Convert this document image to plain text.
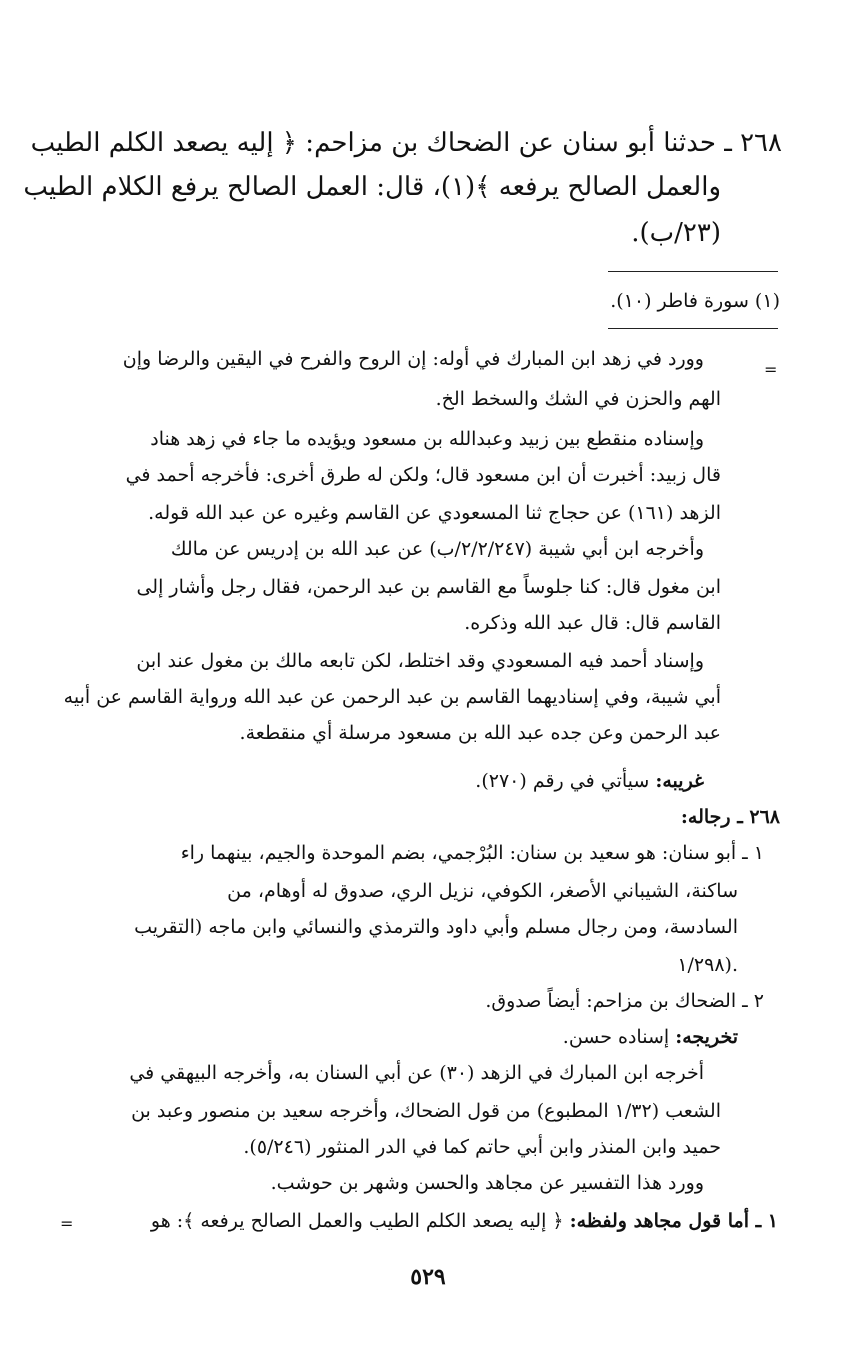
٢٦٨ ـ حدثنا أبو سنان عن الضحاك بن مزاحم: ﴿ إليه يصعد الكلم الطيب
والعمل الصالح يرفعه ﴾(١)، قال: العمل الصالح يرفع الكلام الطيب
(٢٣/ب).
(١) سورة فاطر (١٠).
=
وورد في زهد ابن المبارك في أوله: إن الروح والفرح في اليقين والرضا وإن
الهم والحزن في الشك والسخط الخ.
وإسناده منقطع بين زبيد وعبدالله بن مسعود ويؤيده ما جاء في زهد هناد
قال زبيد: أخبرت أن ابن مسعود قال؛ ولكن له طرق أخرى: فأخرجه أحمد في
الزهد (١٦١) عن حجاج ثنا المسعودي عن القاسم وغيره عن عبد الله قوله.
وأخرجه ابن أبي شيبة (٢/٢/٢٤٧/ب) عن عبد الله بن إدريس عن مالك
ابن مغول قال: كنا جلوساً مع القاسم بن عبد الرحمن، فقال رجل وأشار إلى
القاسم قال: قال عبد الله وذكره.
وإسناد أحمد فيه المسعودي وقد اختلط، لكن تابعه مالك بن مغول عند ابن
أبي شيبة، وفي إسناديهما القاسم بن عبد الرحمن عن عبد الله ورواية القاسم عن أبيه
عبد الرحمن وعن جده عبد الله بن مسعود مرسلة أي منقطعة.
غريبه: سيأتي في رقم (٢٧٠).
٢٦٨ ـ رجاله:
١ ـ أبو سنان: هو سعيد بن سنان: البُرْجمي، بضم الموحدة والجيم، بينهما راء
ساكنة، الشيباني الأصغر، الكوفي، نزيل الري، صدوق له أوهام، من
السادسة، ومن رجال مسلم وأبي داود والترمذي والنسائي وابن ماجه (التقريب
١/٢٩٨).
٢ ـ الضحاك بن مزاحم: أيضاً صدوق.
تخريجه: إسناده حسن.
أخرجه ابن المبارك في الزهد (٣٠) عن أبي السنان به، وأخرجه البيهقي في
الشعب (١/٣٢ المطبوع) من قول الضحاك، وأخرجه سعيد بن منصور وعبد بن
حميد وابن المنذر وابن أبي حاتم كما في الدر المنثور (٥/٢٤٦).
وورد هذا التفسير عن مجاهد والحسن وشهر بن حوشب.
١ ـ أما قول مجاهد ولفظه: ﴿ إليه يصعد الكلم الطيب والعمل الصالح يرفعه ﴾: هو
=
٥٢٩
